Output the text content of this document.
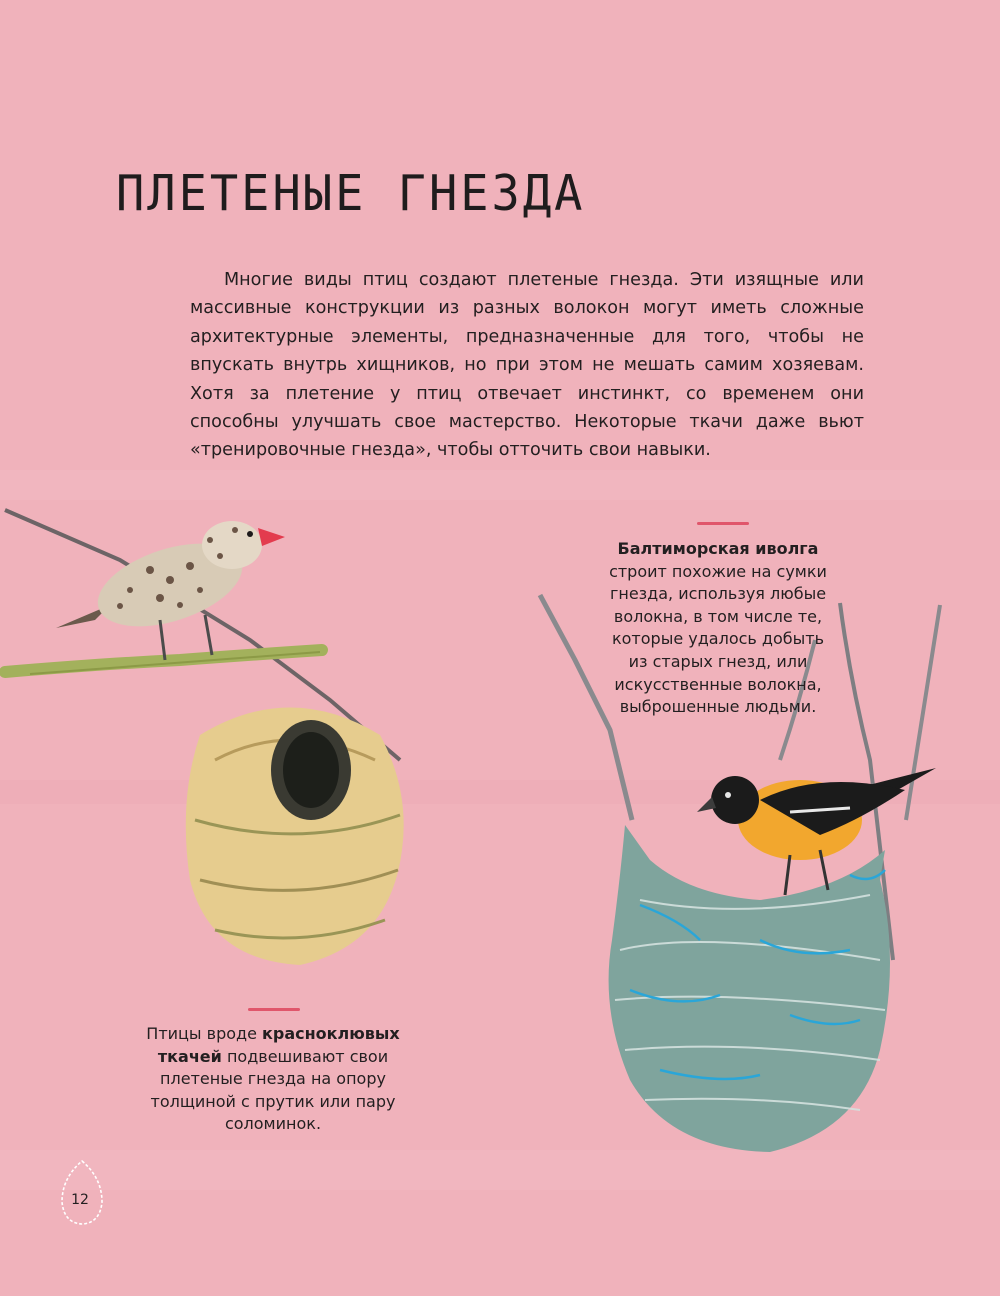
ПЛЕТЕНЫЕ ГНЕЗДА

Многие виды птиц создают плетеные гнезда. Эти изящные или массивные конструкции из разных волокон могут иметь сложные архитектурные элементы, предназначенные для того, чтобы не впускать внутрь хищников, но при этом не мешать самим хозяевам. Хотя за плетение у птиц отвечает инстинкт, со временем они способны улучшать свое мастерство. Некоторые ткачи даже вьют «тренировочные гнезда», чтобы отточить свои навыки.

Балтиморская иволга
строит похожие на сумки гнезда, используя любые волокна, в том числе те, которые удалось добыть из старых гнезд, или искусственные волокна, выброшенные людьми.

Птицы вроде красноклювых ткачей подвешивают свои плетеные гнезда на опору толщиной с прутик или пару соломинок.

12
